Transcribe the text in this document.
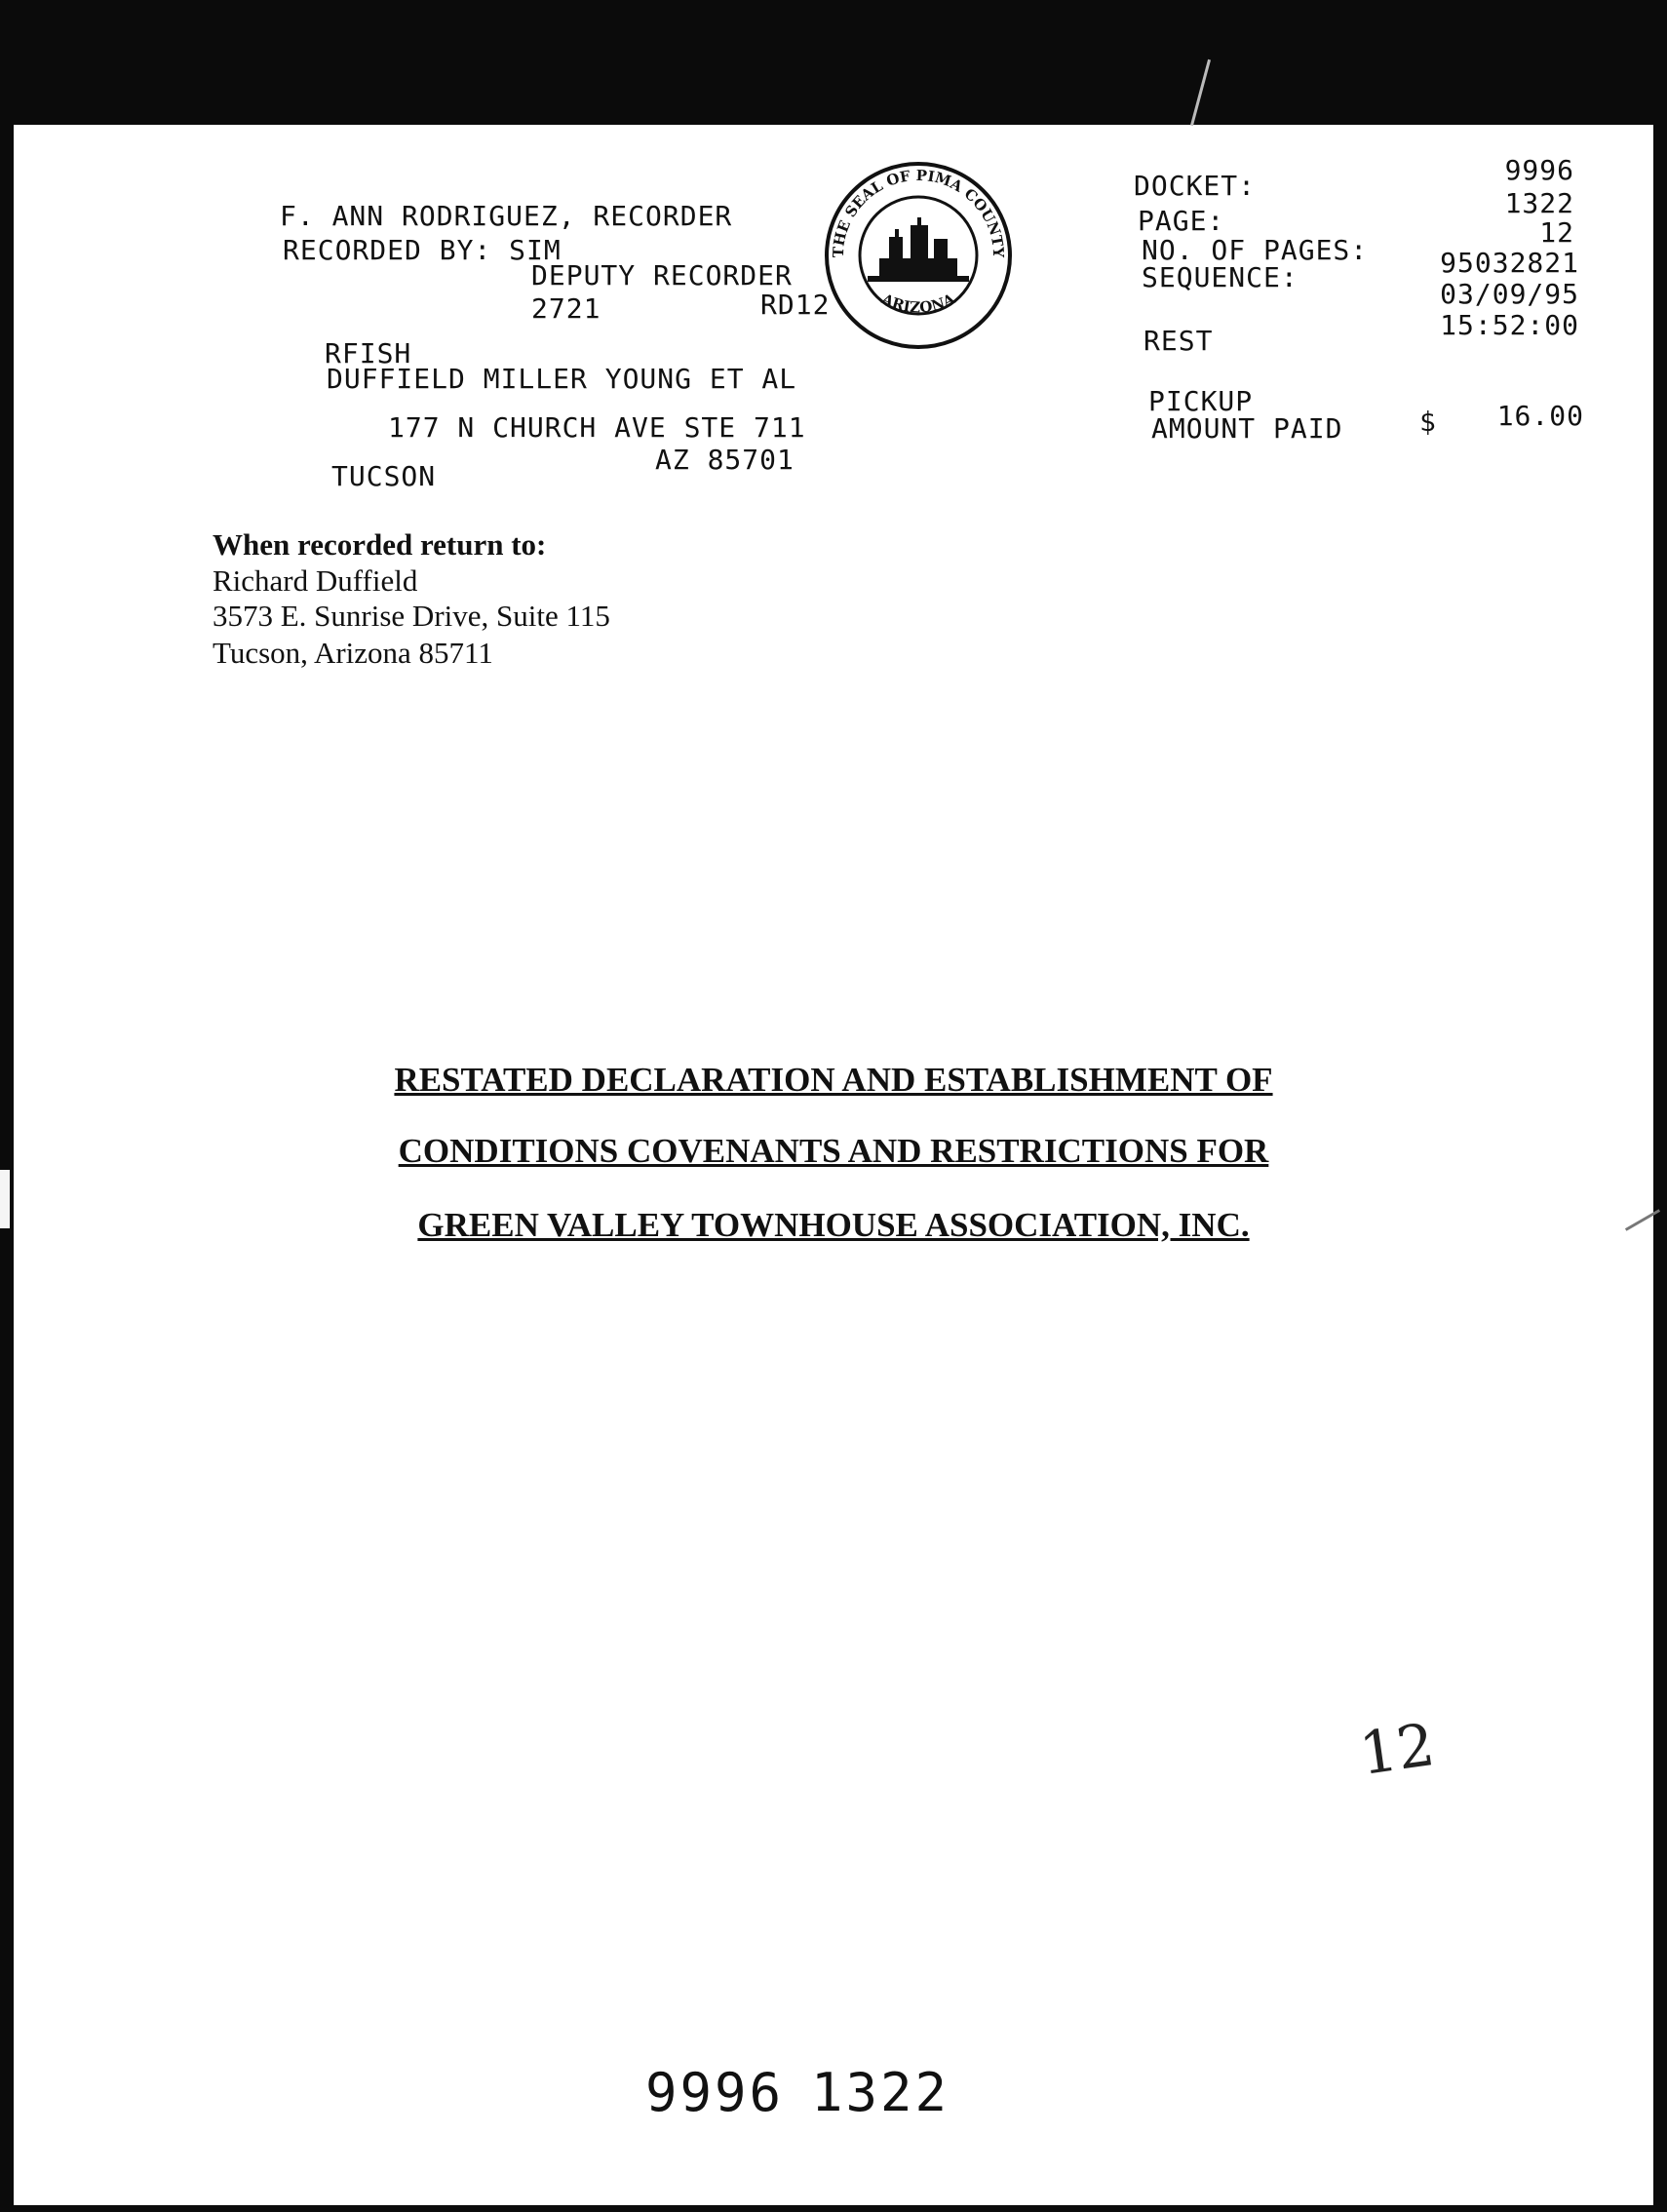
F. ANN RODRIGUEZ, RECORDER
RECORDED BY: SIM
DEPUTY RECORDER
2721	RD12
RFISH
DUFFIELD MILLER YOUNG ET AL
177 N CHURCH AVE STE 711
TUCSON
AZ 85701
THE SEAL OF PIMA COUNTY
ARIZONA
DOCKET:	9996
PAGE:
1322
NO. OF PAGES:
12
SEQUENCE:	95032821
03/09/95
REST	15:52:00
PICKUP
AMOUNT PAID	$	16.00
When recorded return to:
Richard Duffield
3573 E. Sunrise Drive, Suite 115
Tucson, Arizona 85711
RESTATED DECLARATION AND ESTABLISHMENT OF
CONDITIONS COVENANTS AND RESTRICTIONS FOR
GREEN VALLEY TOWNHOUSE ASSOCIATION, INC.
12
9996 1322
